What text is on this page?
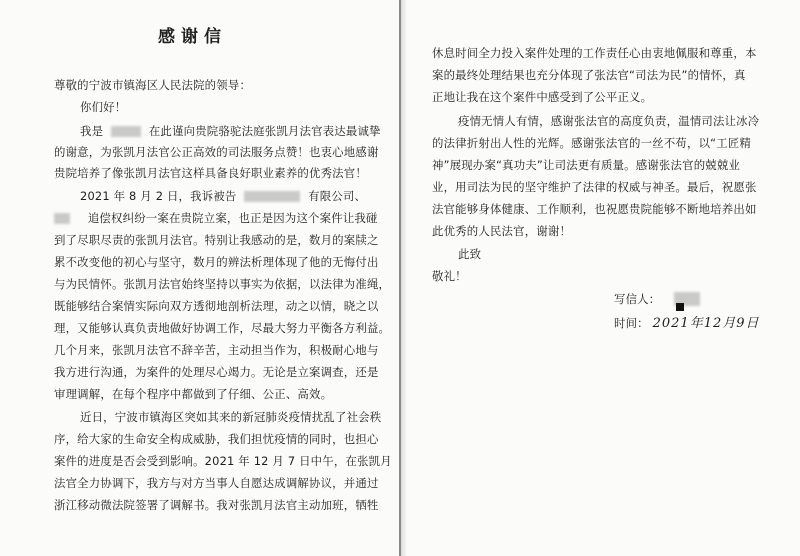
感谢信
尊敬的宁波市镇海区人民法院的领导：
你们好！
我是	在此谨向贵院骆驼法庭张凯月法官表达最诚挚
的谢意，为张凯月法官公正高效的司法服务点赞！也衷心地感谢
贵院培养了像张凯月法官这样具备良好职业素养的优秀法官！
2021 年 8 月 2 日，我诉被告	有限公司、
追偿权纠纷一案在贵院立案，也正是因为这个案件让我碰
到了尽职尽责的张凯月法官。特别让我感动的是，数月的案牍之
累不改变他的初心与坚守，数月的辨法析理体现了他的无悔付出
与为民情怀。张凯月法官始终坚持以事实为依据，以法律为准绳，
既能够结合案情实际向双方透彻地剖析法理，动之以情，晓之以
理，又能够认真负责地做好协调工作，尽最大努力平衡各方利益。
几个月来，张凯月法官不辞辛苦，主动担当作为，积极耐心地与
我方进行沟通，为案件的处理尽心竭力。无论是立案调查，还是
审理调解，在每个程序中都做到了仔细、公正、高效。
近日，宁波市镇海区突如其来的新冠肺炎疫情扰乱了社会秩
序，给大家的生命安全构成威胁，我们担忧疫情的同时，也担心
案件的进度是否会受到影响。2021 年 12 月 7 日中午，在张凯月
法官全力协调下，我方与对方当事人自愿达成调解协议，并通过
浙江移动微法院签署了调解书。我对张凯月法官主动加班，牺牲
休息时间全力投入案件处理的工作责任心由衷地佩服和尊重，本
案的最终处理结果也充分体现了张法官“司法为民”的情怀，真
正地让我在这个案件中感受到了公平正义。
疫情无情人有情，感谢张法官的高度负责，温情司法让冰冷
的法律折射出人性的光辉。感谢张法官的一丝不苟，以“工匠精
神”展现办案“真功夫”让司法更有质量。感谢张法官的兢兢业
业，用司法为民的坚守维护了法律的权威与神圣。最后，祝愿张
法官能够身体健康、工作顺利，也祝愿贵院能够不断地培养出如
此优秀的人民法官，谢谢！
此致
敬礼！
写信人：
时间： 2021年12月9日
